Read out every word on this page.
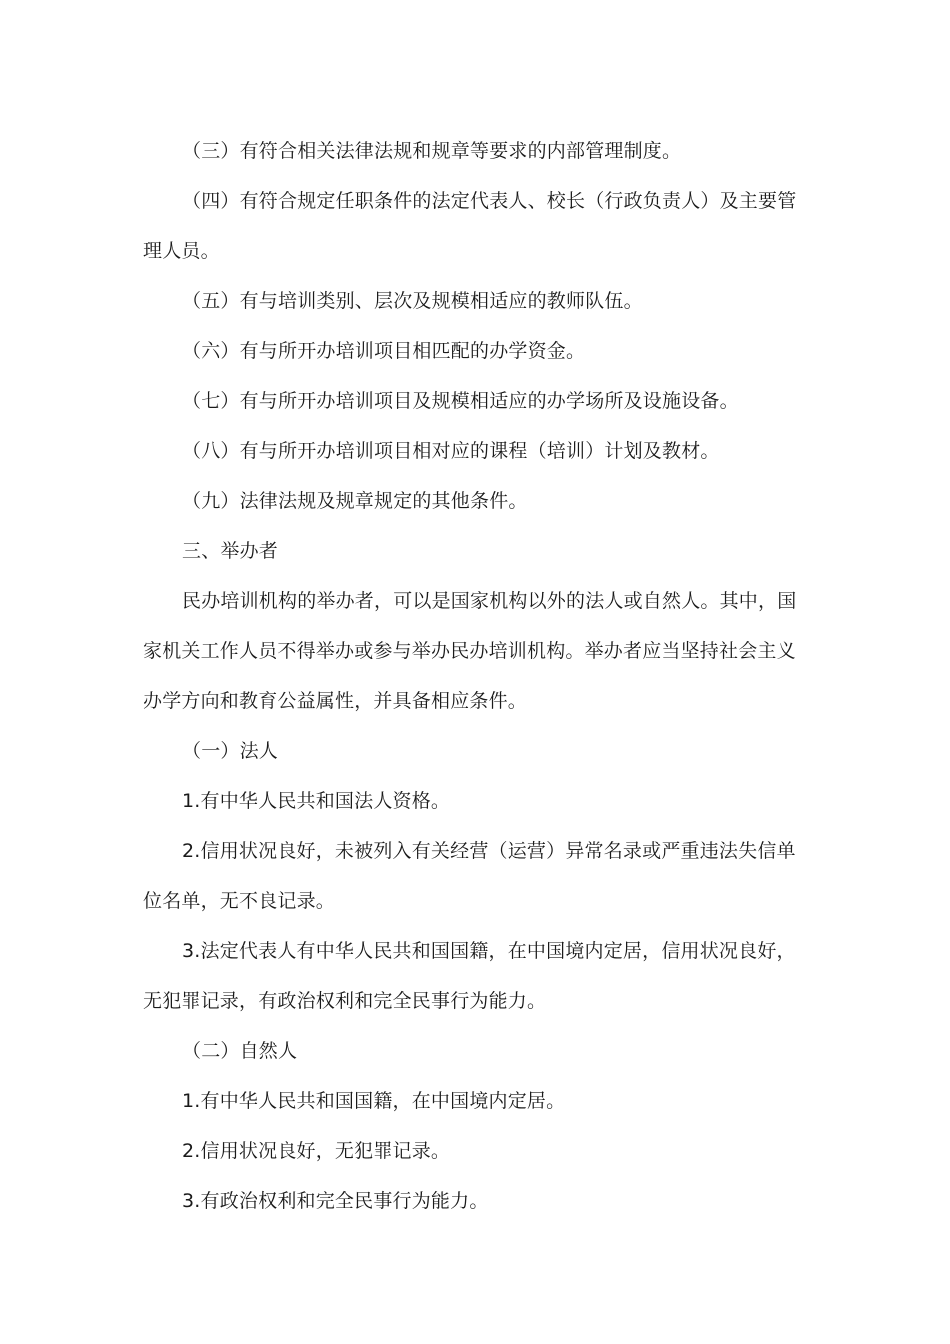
（三）有符合相关法律法规和规章等要求的内部管理制度。
（四）有符合规定任职条件的法定代表人、校长（行政负责人）及主要管
理人员。
（五）有与培训类别、层次及规模相适应的教师队伍。
（六）有与所开办培训项目相匹配的办学资金。
（七）有与所开办培训项目及规模相适应的办学场所及设施设备。
（八）有与所开办培训项目相对应的课程（培训）计划及教材。
（九）法律法规及规章规定的其他条件。
三、举办者
民办培训机构的举办者，可以是国家机构以外的法人或自然人。其中，国
家机关工作人员不得举办或参与举办民办培训机构。举办者应当坚持社会主义
办学方向和教育公益属性，并具备相应条件。
（一）法人
1.有中华人民共和国法人资格。
2.信用状况良好，未被列入有关经营（运营）异常名录或严重违法失信单
位名单，无不良记录。
3.法定代表人有中华人民共和国国籍，在中国境内定居，信用状况良好，
无犯罪记录，有政治权利和完全民事行为能力。
（二）自然人
1.有中华人民共和国国籍，在中国境内定居。
2.信用状况良好，无犯罪记录。
3.有政治权利和完全民事行为能力。
